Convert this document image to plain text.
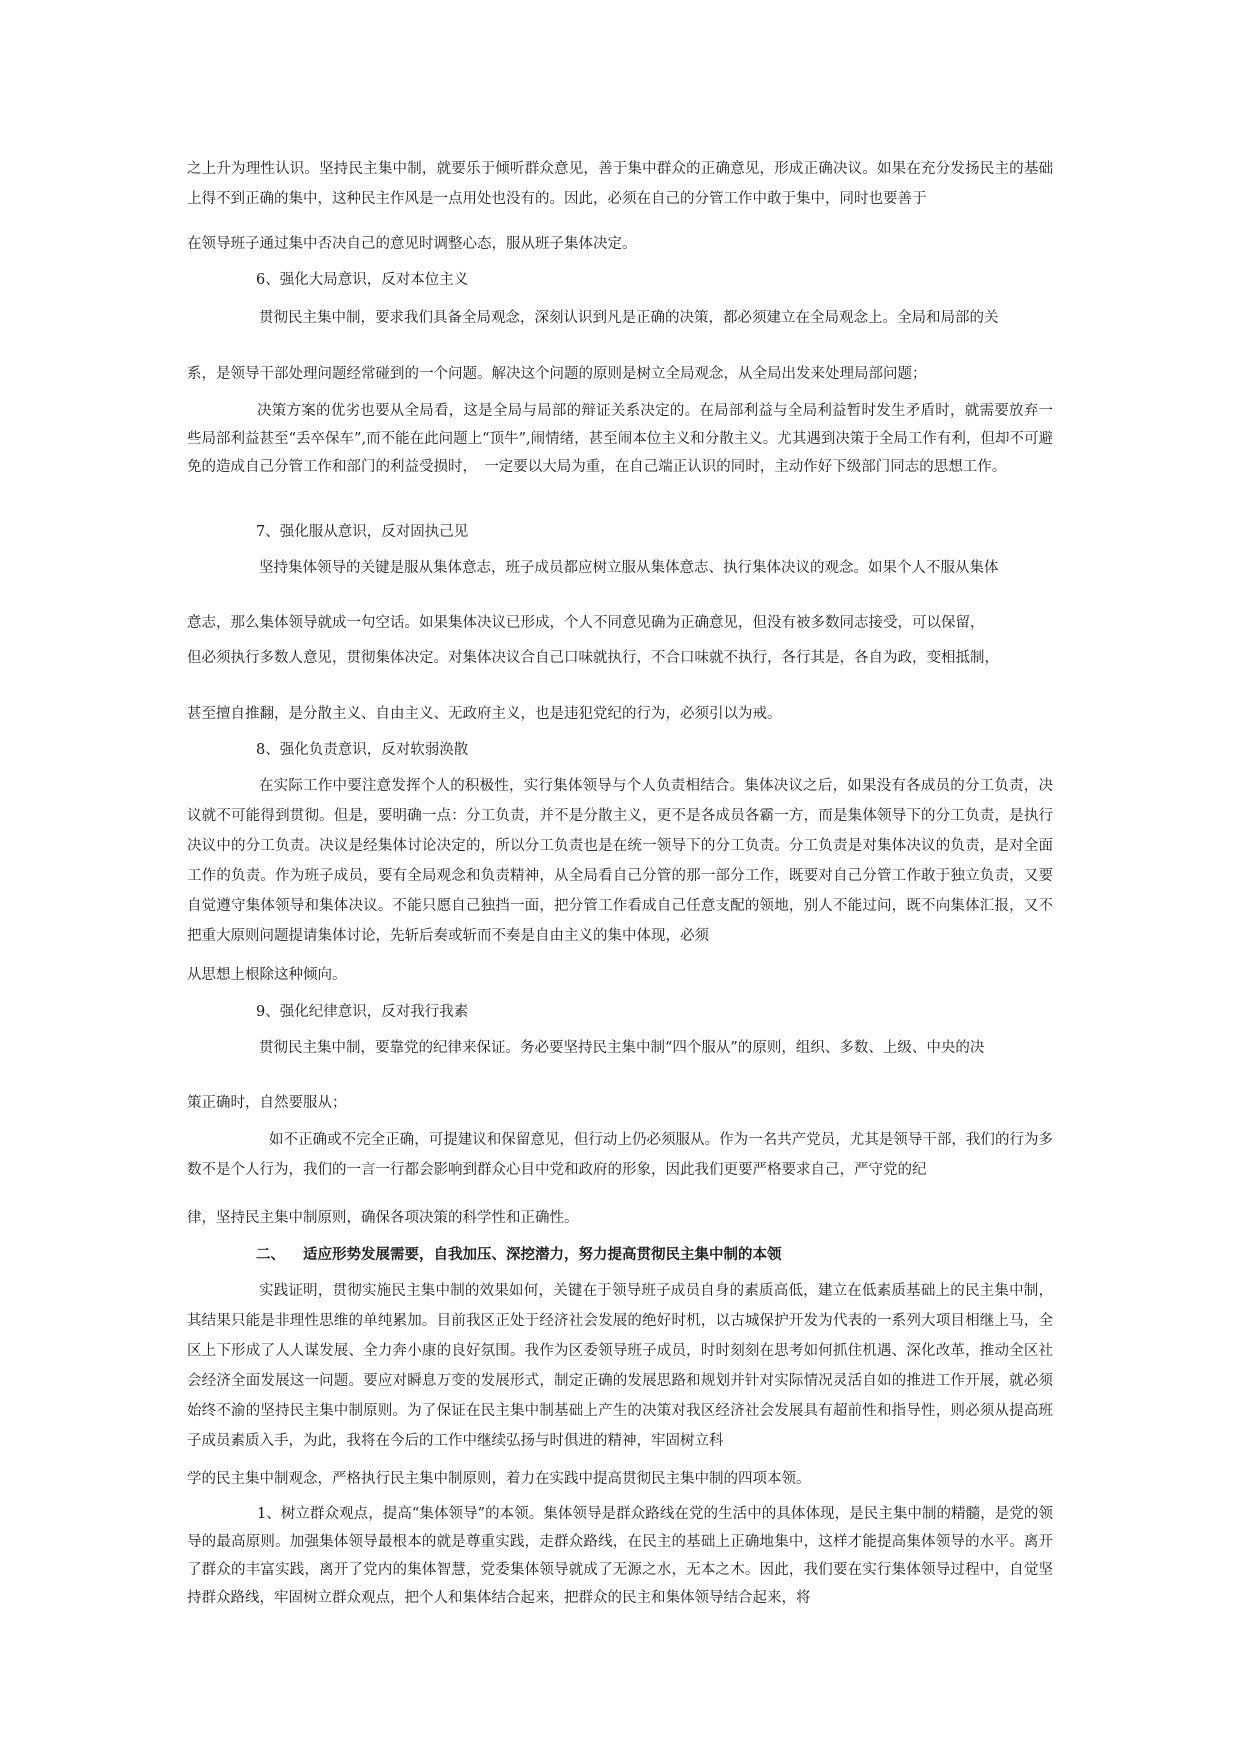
之上升为理性认识。坚持民主集中制，就要乐于倾听群众意见，善于集中群众的正确意见，形成正确决议。如果在充分发扬民主的基础上得不到正确的集中，这种民主作风是一点用处也没有的。因此，必须在自己的分管工作中敢于集中，同时也要善于

在领导班子通过集中否决自己的意见时调整心态，服从班子集体决定。

6、强化大局意识，反对本位主义

贯彻民主集中制，要求我们具备全局观念，深刻认识到凡是正确的决策，都必须建立在全局观念上。全局和局部的关

系，是领导干部处理问题经常碰到的一个问题。解决这个问题的原则是树立全局观念，从全局出发来处理局部问题；

决策方案的优劣也要从全局看，这是全局与局部的辩证关系决定的。在局部利益与全局利益暂时发生矛盾时，就需要放弃一些局部利益甚至“丢卒保车”,而不能在此问题上“顶牛”,闹情绪，甚至闹本位主义和分散主义。尤其遇到决策于全局工作有利，但却不可避免的造成自己分管工作和部门的利益受损时，　一定要以大局为重，在自己端正认识的同时，主动作好下级部门同志的思想工作。

7、强化服从意识，反对固执己见

坚持集体领导的关键是服从集体意志，班子成员都应树立服从集体意志、执行集体决议的观念。如果个人不服从集体

意志，那么集体领导就成一句空话。如果集体决议已形成，个人不同意见确为正确意见，但没有被多数同志接受，可以保留，

但必须执行多数人意见，贯彻集体决定。对集体决议合自己口味就执行，不合口味就不执行，各行其是，各自为政，变相抵制，

甚至擅自推翻，是分散主义、自由主义、无政府主义，也是违犯党纪的行为，必须引以为戒。

8、强化负责意识，反对软弱涣散

在实际工作中要注意发挥个人的积极性，实行集体领导与个人负责相结合。集体决议之后，如果没有各成员的分工负责，决议就不可能得到贯彻。但是，要明确一点：分工负责，并不是分散主义，更不是各成员各霸一方，而是集体领导下的分工负责，是执行决议中的分工负责。决议是经集体讨论决定的，所以分工负责也是在统一领导下的分工负责。分工负责是对集体决议的负责，是对全面工作的负责。作为班子成员，要有全局观念和负责精神，从全局看自己分管的那一部分工作，既要对自己分管工作敢于独立负责，又要自觉遵守集体领导和集体决议。不能只愿自己独挡一面，把分管工作看成自己任意支配的领地，别人不能过问，既不向集体汇报，又不把重大原则问题提请集体讨论，先斩后奏或斩而不奏是自由主义的集中体现，必须

从思想上根除这种倾向。

9、强化纪律意识，反对我行我素

贯彻民主集中制，要靠党的纪律来保证。务必要坚持民主集中制“四个服从”的原则，组织、多数、上级、中央的决

策正确时，自然要服从；

如不正确或不完全正确，可提建议和保留意见，但行动上仍必须服从。作为一名共产党员，尤其是领导干部，我们的行为多数不是个人行为，我们的一言一行都会影响到群众心目中党和政府的形象，因此我们更要严格要求自己，严守党的纪

律，坚持民主集中制原则，确保各项决策的科学性和正确性。

二、 适应形势发展需要，自我加压、深挖潜力，努力提高贯彻民主集中制的本领

实践证明，贯彻实施民主集中制的效果如何，关键在于领导班子成员自身的素质高低，建立在低素质基础上的民主集中制，其结果只能是非理性思维的单纯累加。目前我区正处于经济社会发展的绝好时机，以古城保护开发为代表的一系列大项目相继上马，全区上下形成了人人谋发展、全力奔小康的良好氛围。我作为区委领导班子成员，时时刻刻在思考如何抓住机遇、深化改革，推动全区社会经济全面发展这一问题。要应对瞬息万变的发展形式，制定正确的发展思路和规划并针对实际情况灵活自如的推进工作开展，就必须始终不渝的坚持民主集中制原则。为了保证在民主集中制基础上产生的决策对我区经济社会发展具有超前性和指导性，则必须从提高班子成员素质入手，为此，我将在今后的工作中继续弘扬与时俱进的精神，牢固树立科

学的民主集中制观念，严格执行民主集中制原则，着力在实践中提高贯彻民主集中制的四项本领。

1、树立群众观点，提高“集体领导”的本领。集体领导是群众路线在党的生活中的具体体现，是民主集中制的精髓，是党的领导的最高原则。加强集体领导最根本的就是尊重实践，走群众路线，在民主的基础上正确地集中，这样才能提高集体领导的水平。离开了群众的丰富实践，离开了党内的集体智慧，党委集体领导就成了无源之水，无本之木。因此，我们要在实行集体领导过程中，自觉坚持群众路线，牢固树立群众观点，把个人和集体结合起来，把群众的民主和集体领导结合起来，将
